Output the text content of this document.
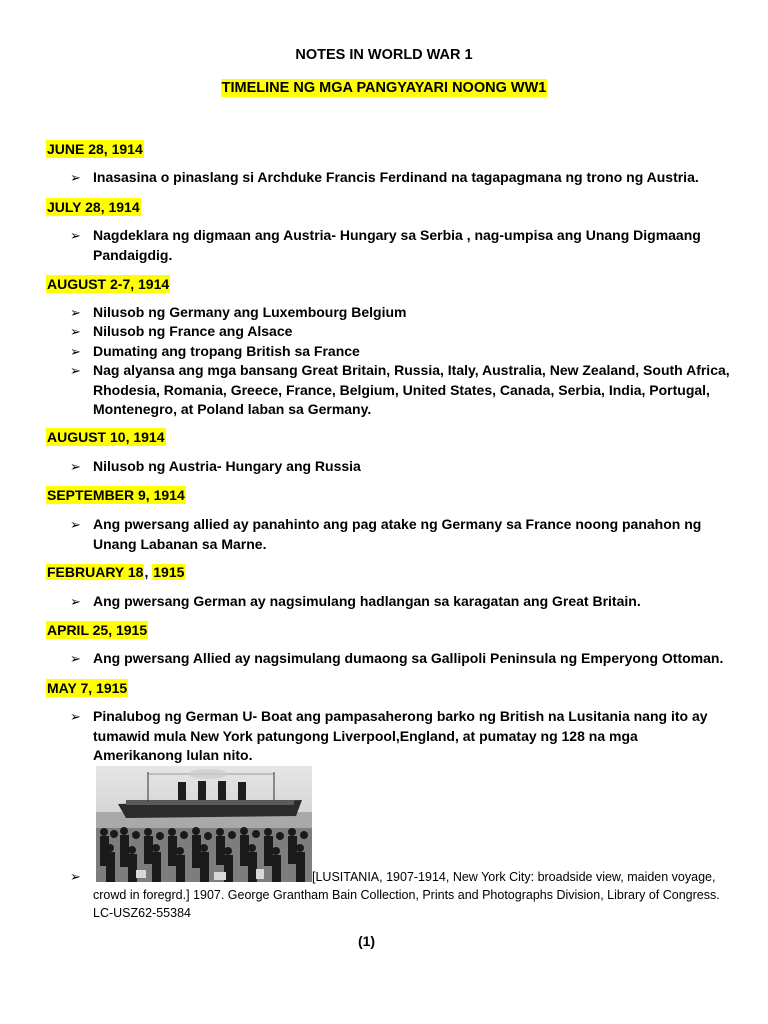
NOTES IN WORLD WAR 1
TIMELINE NG MGA PANGYAYARI NOONG WW1
JUNE 28, 1914
➢ Inasasina o pinaslang si Archduke Francis Ferdinand na tagapagmana ng trono ng Austria.
JULY 28, 1914
➢ Nagdeklara ng digmaan ang Austria- Hungary sa Serbia , nag-umpisa ang Unang Digmaang Pandaigdig.
AUGUST 2-7, 1914
➢ Nilusob ng Germany ang Luxembourg Belgium
➢ Nilusob ng France ang Alsace
➢ Dumating ang tropang British sa France
➢ Nag alyansa ang mga bansang Great Britain, Russia, Italy, Australia, New Zealand, South Africa, Rhodesia, Romania, Greece, France, Belgium, United States, Canada, Serbia, India, Portugal, Montenegro, at Poland laban sa Germany.
AUGUST 10, 1914
➢ Nilusob ng Austria- Hungary ang Russia
SEPTEMBER 9, 1914
➢ Ang pwersang allied ay panahinto ang pag atake ng Germany sa France noong panahon ng Unang Labanan sa Marne.
FEBRUARY 18, 1915
➢ Ang pwersang German ay nagsimulang hadlangan sa karagatan ang Great Britain.
APRIL 25, 1915
➢ Ang pwersang Allied ay nagsimulang dumaong sa Gallipoli Peninsula ng Emperyong Ottoman.
MAY 7, 1915
➢ Pinalubog ng German U- Boat ang pampasaherong barko ng British na Lusitania nang ito ay tumawid mula New York patungong Liverpool,England, at pumatay ng 128 na mga Amerikanong lulan nito.
➢	[LUSITANIA, 1907-1914, New York City: broadside view, maiden voyage,
crowd in foregrd.] 1907. George Grantham Bain Collection, Prints and Photographs Division, Library of Congress. LC-USZ62-55384
(1)
